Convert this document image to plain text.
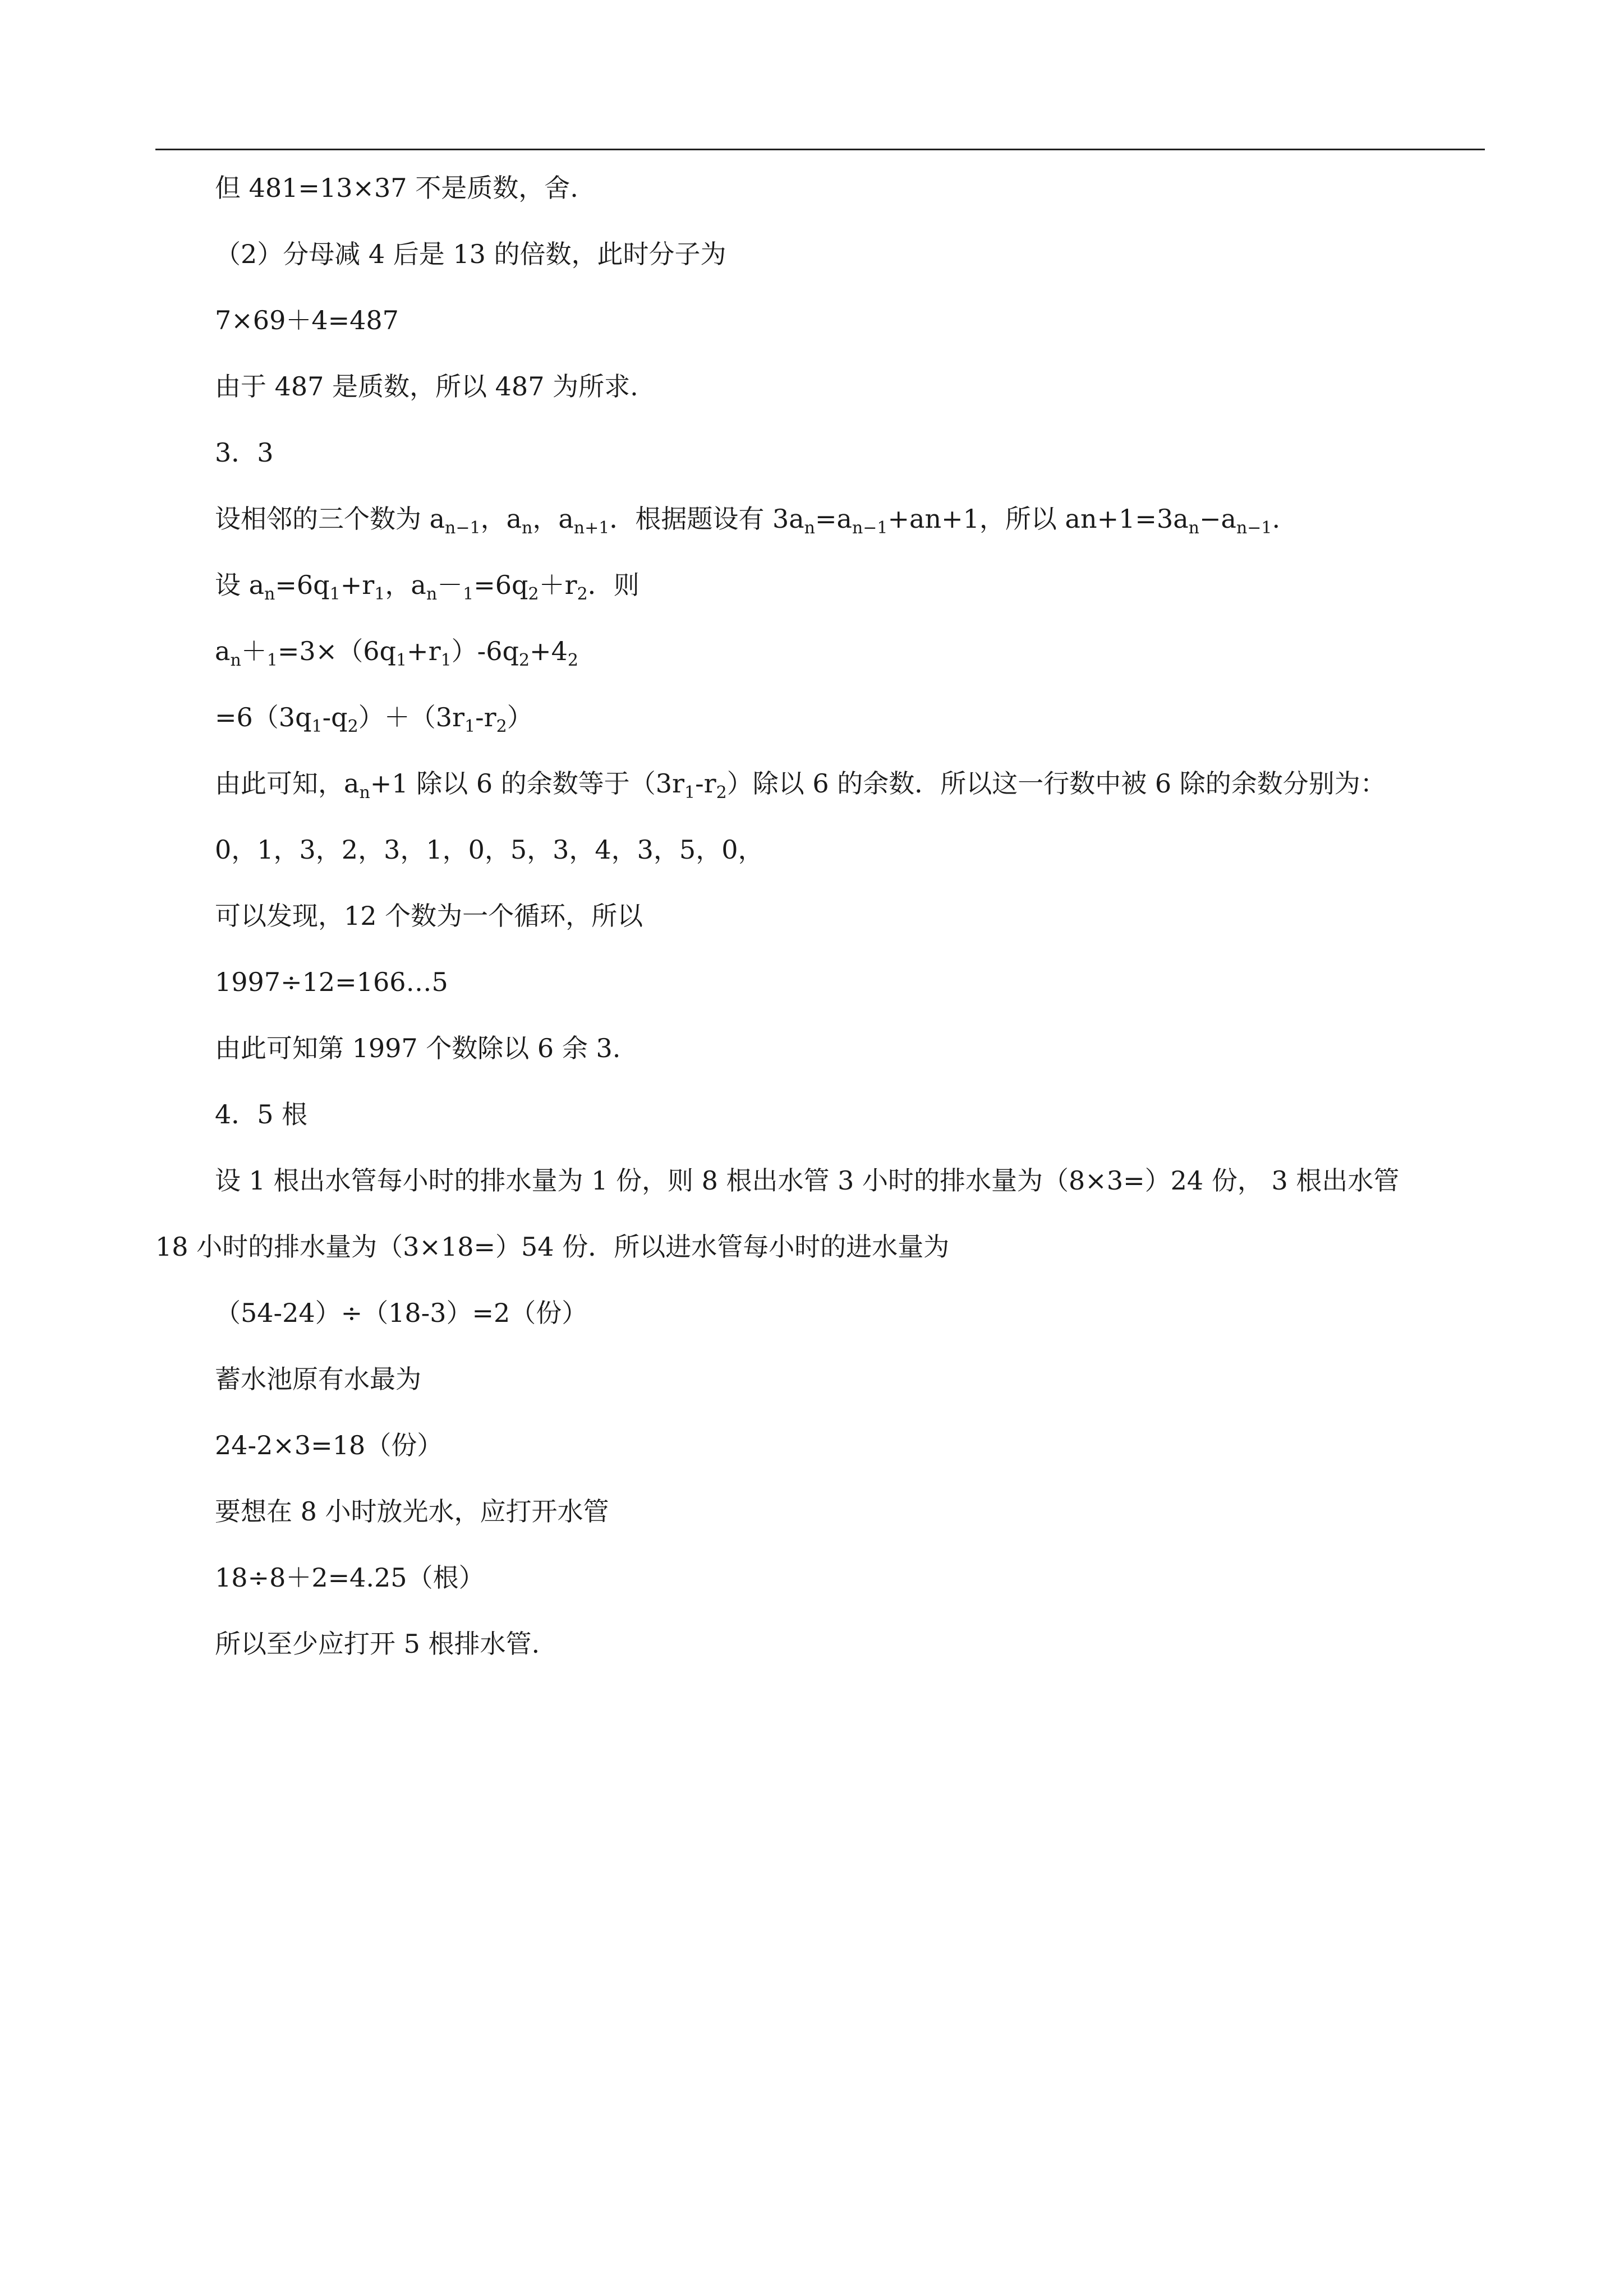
但 481=13×37 不是质数，舍.
（2）分母减 4 后是 13 的倍数，此时分子为
7×69＋4=487
由于 487 是质数，所以 487 为所求.
3．3
设相邻的三个数为 $a_{n-1}$，$a_n$，$a_{n+1}$．根据题设有 $3a_n=a_{n-1}+an+1$，所以 $an+1=3a_n-a_{n-1}$.
设 $a_n=6q_1+r_1$，$a_n-_1=6q_2+r_2$．则
$a_n+_1=3\times(6q_1+r_1)-6q_2+4_2$
$=6(3q_1-q_2)+(3r_1-r_2)$
由此可知，$a_n+1$ 除以 6 的余数等于$(3r_1-r_2)$除以 6 的余数．所以这一行数中被 6 除的余数分别为：
0，1，3，2，3，1，0，5，3，4，3，5，0，
可以发现，12 个数为一个循环，所以
1997÷12=166…5
由此可知第 1997 个数除以 6 余 3.
4．5 根
设 1 根出水管每小时的排水量为 1 份，则 8 根出水管 3 小时的排水量为（8×3=）24 份， 3 根出水管
18 小时的排水量为（3×18=）54 份．所以进水管每小时的进水量为
（54-24）÷（18-3）=2（份）
蓄水池原有水最为
24-2×3=18（份）
要想在 8 小时放光水，应打开水管
18÷8＋2=4.25（根）
所以至少应打开 5 根排水管.
